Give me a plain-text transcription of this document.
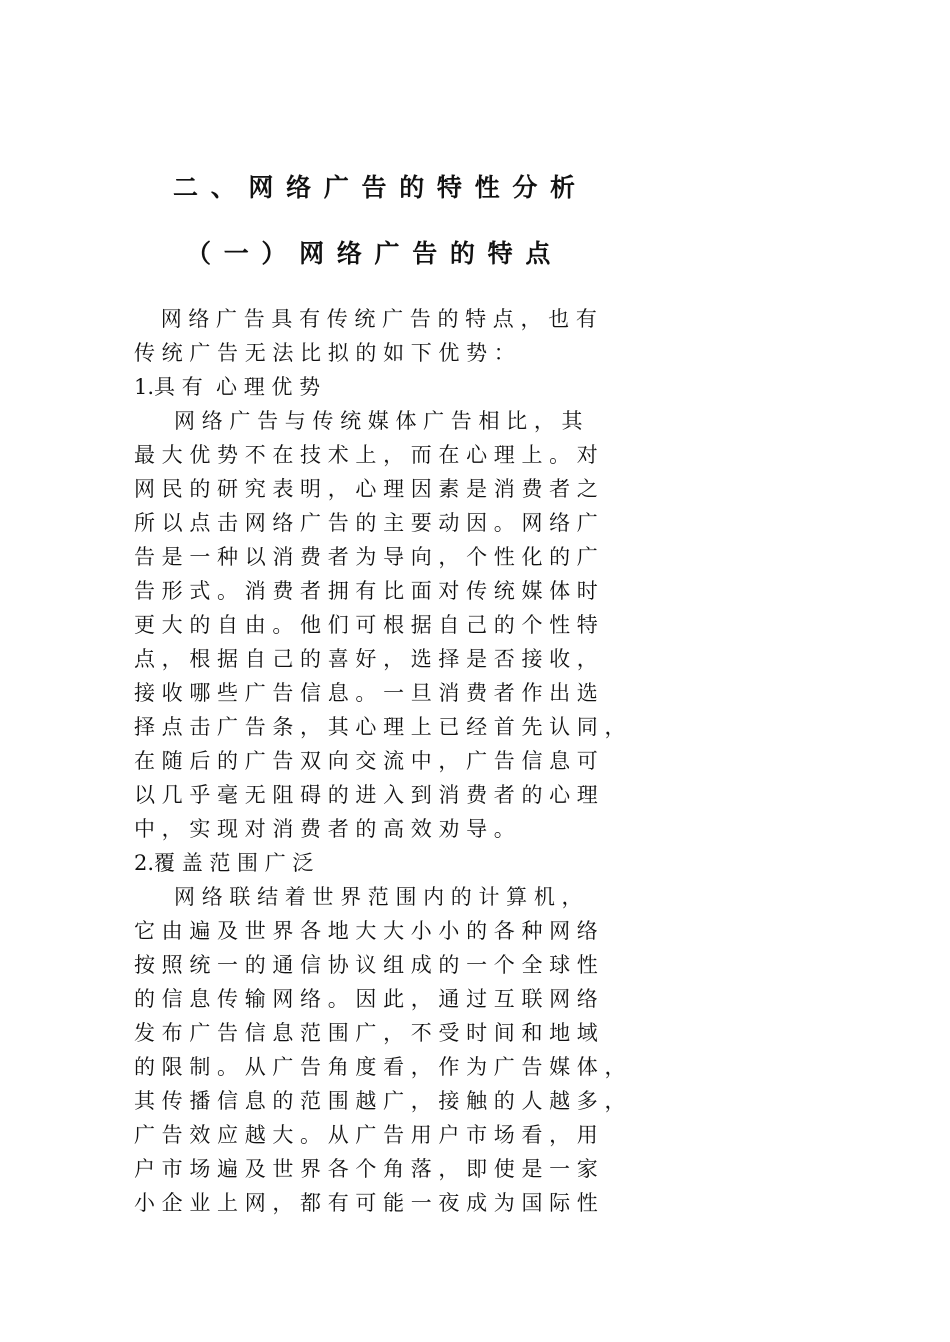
二 、 网 络 广 告 的 特 性 分 析
（ 一 ） 网 络 广 告 的 特 点
网 络 广 告 具 有 传 统 广 告 的 特 点 ， 也 有
传 统 广 告 无 法 比 拟 的 如 下 优 势 ：
1.具 有  心 理 优 势
网 络 广 告 与 传 统 媒 体 广 告 相 比 ， 其
最 大 优 势 不 在 技 术 上 ， 而 在 心 理 上 。 对
网 民 的 研 究 表 明 ， 心 理 因 素 是 消 费 者 之
所 以 点 击 网 络 广 告 的 主 要 动 因 。 网 络 广
告 是 一 种 以 消 费 者 为 导 向 ， 个 性 化 的 广
告 形 式 。 消 费 者 拥 有 比 面 对 传 统 媒 体 时
更 大 的 自 由 。 他 们 可 根 据 自 己 的 个 性 特
点 ， 根 据 自 己 的 喜 好 ， 选 择 是 否 接 收 ，
接 收 哪 些 广 告 信 息 。 一 旦 消 费 者 作 出 选
择 点 击 广 告 条 ， 其 心 理 上 已 经 首 先 认 同 ，
在 随 后 的 广 告 双 向 交 流 中 ， 广 告 信 息 可
以 几 乎 毫 无 阻 碍 的 进 入 到 消 费 者 的 心 理
中 ， 实 现 对 消 费 者 的 高 效 劝 导 。
2.覆 盖 范 围 广 泛
网 络 联 结 着 世 界 范 围 内 的 计 算 机 ，
它 由 遍 及 世 界 各 地 大 大 小 小 的 各 种 网 络
按 照 统 一 的 通 信 协 议 组 成 的 一 个 全 球 性
的 信 息 传 输 网 络 。 因 此 ， 通 过 互 联 网 络
发 布 广 告 信 息 范 围 广 ， 不 受 时 间 和 地 域
的 限 制 。 从 广 告 角 度 看 ， 作 为 广 告 媒 体 ，
其 传 播 信 息 的 范 围 越 广 ， 接 触 的 人 越 多 ，
广 告 效 应 越 大 。 从 广 告 用 户 市 场 看 ， 用
户 市 场 遍 及 世 界 各 个 角 落 ， 即 使 是 一 家
小 企 业 上 网 ， 都 有 可 能 一 夜 成 为 国 际 性
